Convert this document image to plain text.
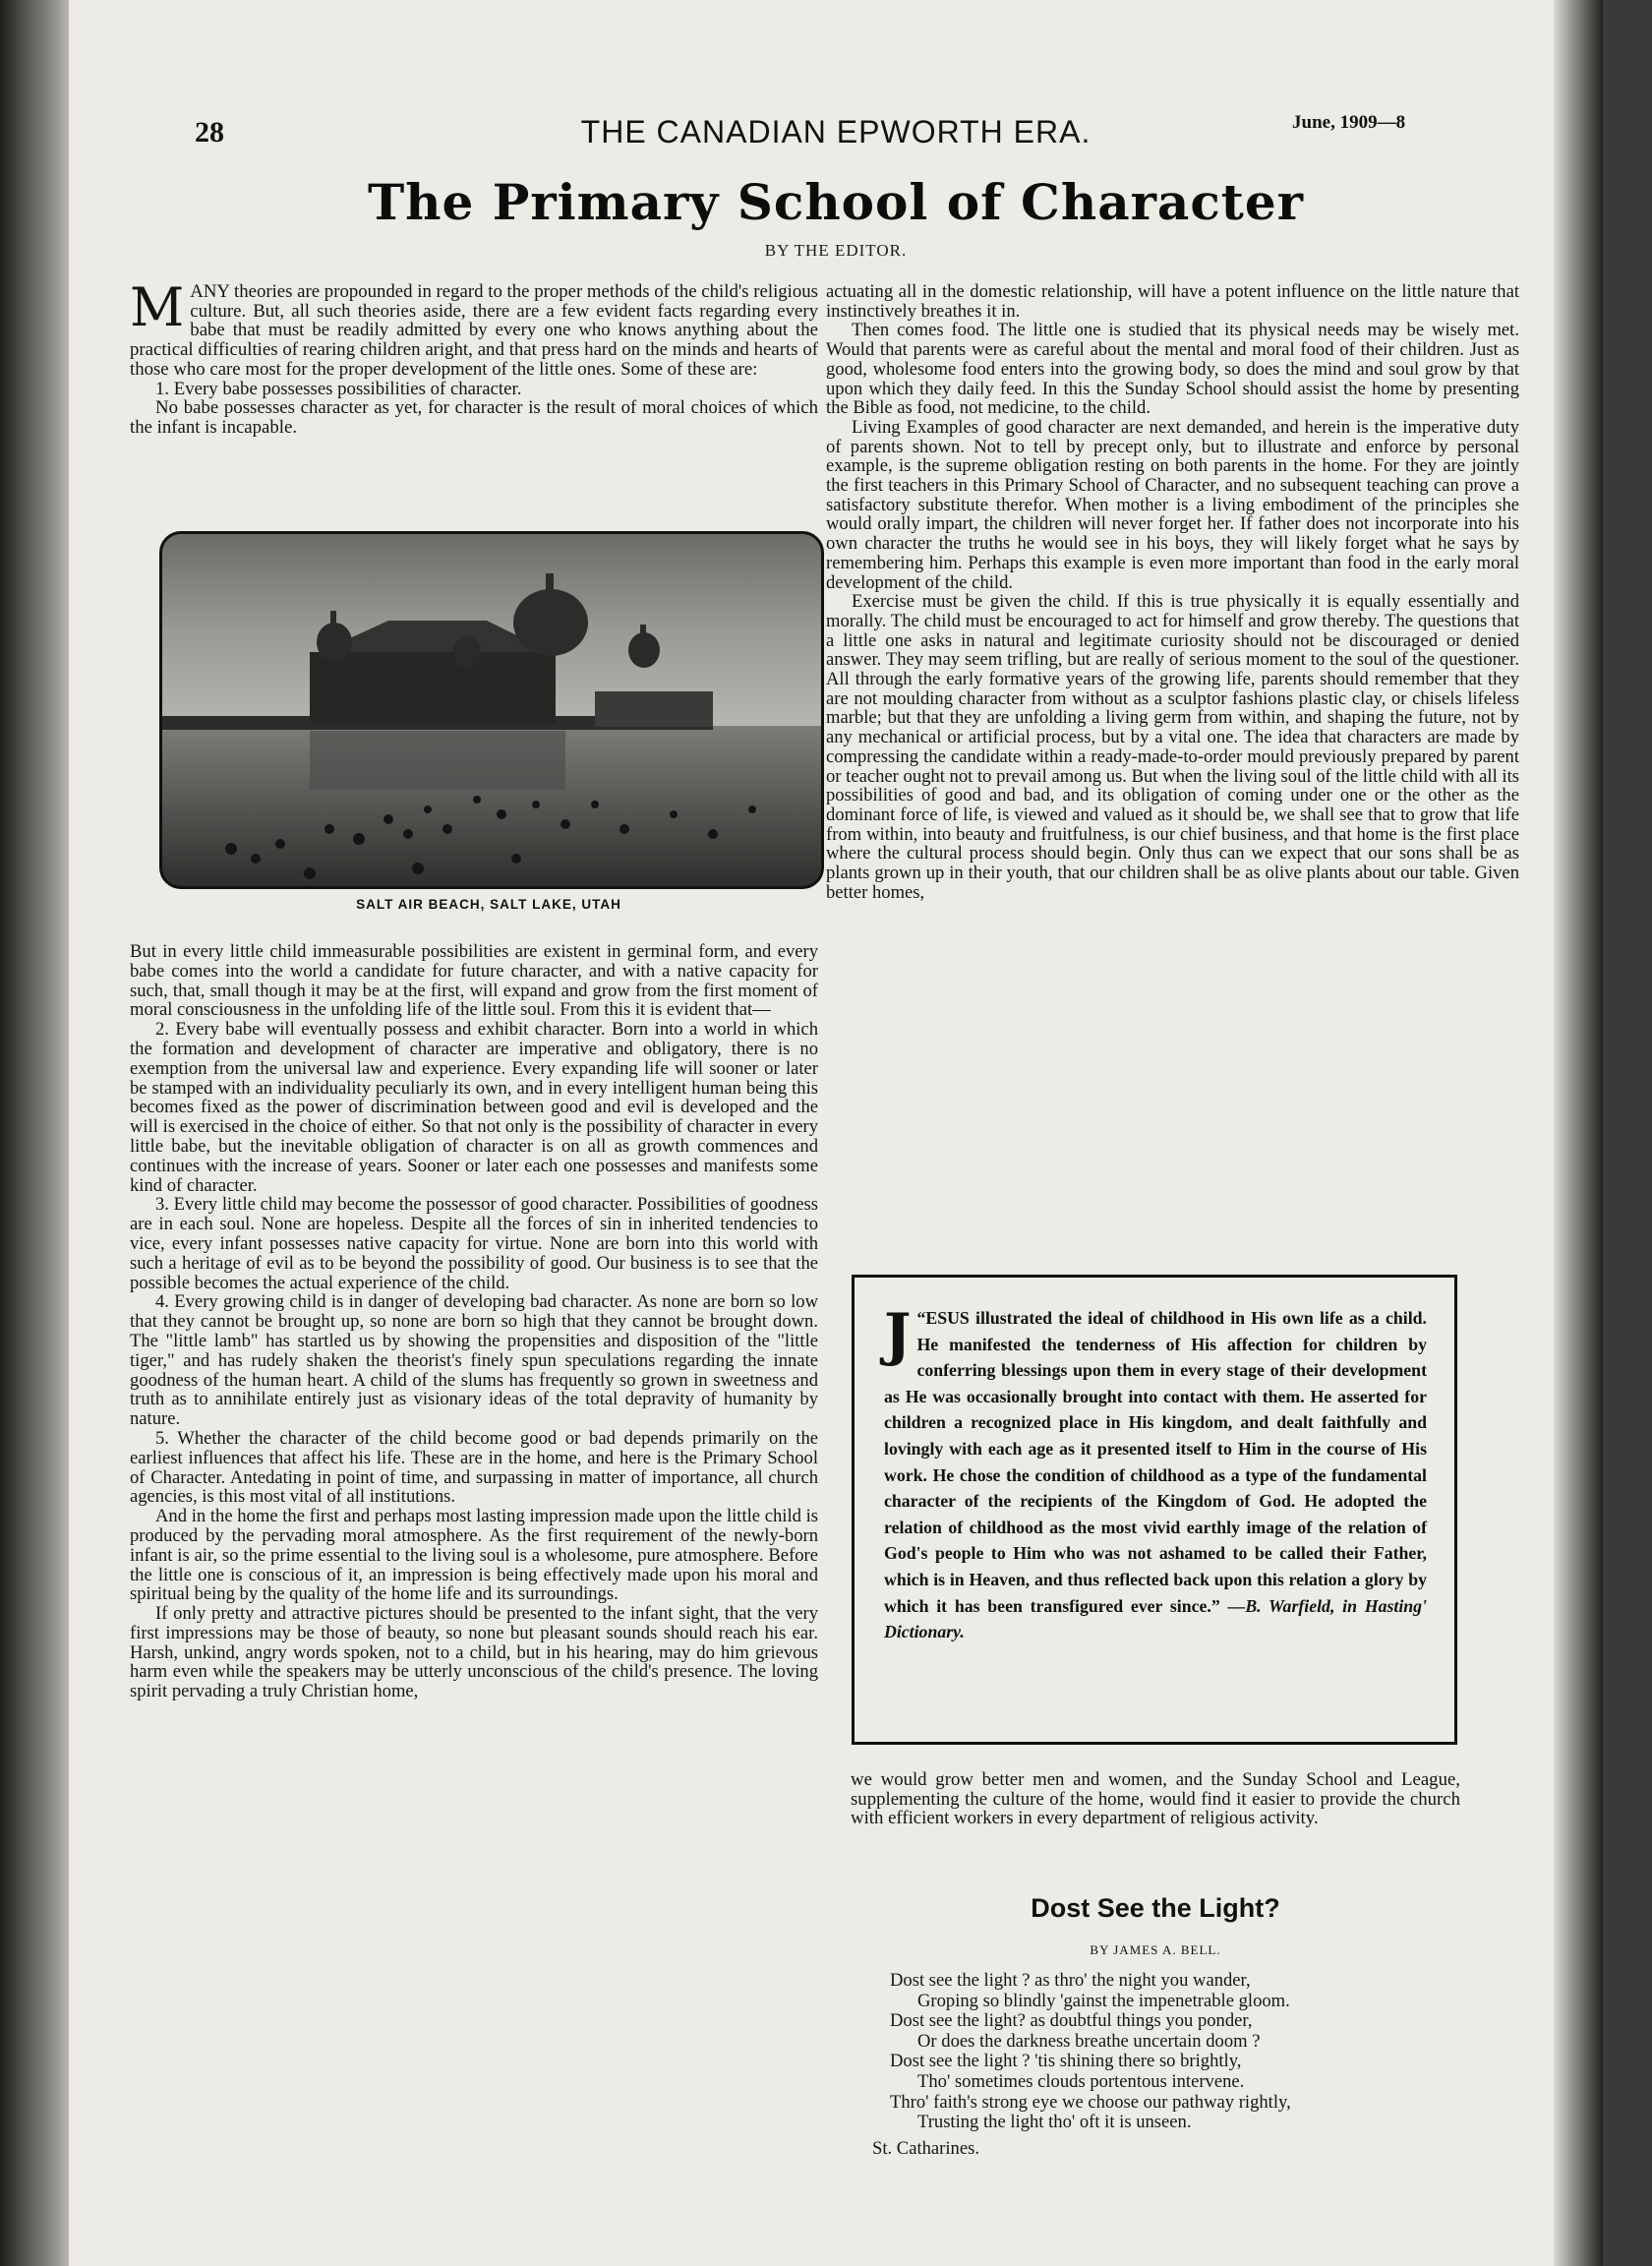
28	THE CANADIAN EPWORTH ERA.	June, 1909—8
The Primary School of Character
BY THE EDITOR.

MANY theories are propounded in regard to the proper methods of the child's religious culture. But, all such theories aside, there are a few evident facts regarding every babe that must be readily admitted by every one who knows anything about the practical difficulties of rearing children aright, and that press hard on the minds and hearts of those who care most for the proper development of the little ones. Some of these are:

1. Every babe possesses possibilities of character.

No babe possesses character as yet, for character is the result of moral choices of which the infant is incapable.

SALT AIR BEACH, SALT LAKE, UTAH

But in every little child immeasurable possibilities are existent in germinal form, and every babe comes into the world a candidate for future character, and with a native capacity for such, that, small though it may be at the first, will expand and grow from the first moment of moral consciousness in the unfolding life of the little soul. From this it is evident that—

2. Every babe will eventually possess and exhibit character. Born into a world in which the formation and development of character are imperative and obligatory, there is no exemption from the universal law and experience. Every expanding life will sooner or later be stamped with an individuality peculiarly its own, and in every intelligent human being this becomes fixed as the power of discrimination between good and evil is developed and the will is exercised in the choice of either. So that not only is the possibility of character in every little babe, but the inevitable obligation of character is on all as growth commences and continues with the increase of years. Sooner or later each one possesses and manifests some kind of character.

3. Every little child may become the possessor of good character. Possibilities of goodness are in each soul. None are hopeless. Despite all the forces of sin in inherited tendencies to vice, every infant possesses native capacity for virtue. None are born into this world with such a heritage of evil as to be beyond the possibility of good. Our business is to see that the possible becomes the actual experience of the child.

4. Every growing child is in danger of developing bad character. As none are born so low that they cannot be brought up, so none are born so high that they cannot be brought down. The "little lamb" has startled us by showing the propensities and disposition of the "little tiger," and has rudely shaken the theorist's finely spun speculations regarding the innate goodness of the human heart. A child of the slums has frequently so grown in sweetness and truth as to annihilate entirely just as visionary ideas of the total depravity of humanity by nature.

5. Whether the character of the child become good or bad depends primarily on the earliest influences that affect his life. These are in the home, and here is the Primary School of Character. Antedating in point of time, and surpassing in matter of importance, all church agencies, is this most vital of all institutions.

And in the home the first and perhaps most lasting impression made upon the little child is produced by the pervading moral atmosphere. As the first requirement of the newly-born infant is air, so the prime essential to the living soul is a wholesome, pure atmosphere. Before the little one is conscious of it, an impression is being effectively made upon his moral and spiritual being by the quality of the home life and its surroundings.

If only pretty and attractive pictures should be presented to the infant sight, that the very first impressions may be those of beauty, so none but pleasant sounds should reach his ear. Harsh, unkind, angry words spoken, not to a child, but in his hearing, may do him grievous harm even while the speakers may be utterly unconscious of the child's presence. The loving spirit pervading a truly Christian home,

actuating all in the domestic relationship, will have a potent influence on the little nature that instinctively breathes it in.

Then comes food. The little one is studied that its physical needs may be wisely met. Would that parents were as careful about the mental and moral food of their children. Just as good, wholesome food enters into the growing body, so does the mind and soul grow by that upon which they daily feed. In this the Sunday School should assist the home by presenting the Bible as food, not medicine, to the child.

Living Examples of good character are next demanded, and herein is the imperative duty of parents shown. Not to tell by precept only, but to illustrate and enforce by personal example, is the supreme obligation resting on both parents in the home. For they are jointly the first teachers in this Primary School of Character, and no subsequent teaching can prove a satisfactory substitute therefor. When mother is a living embodiment of the principles she would orally impart, the children will never forget her. If father does not incorporate into his own character the truths he would see in his boys, they will likely forget what he says by remembering him. Perhaps this example is even more important than food in the early moral development of the child.

Exercise must be given the child. If this is true physically it is equally essentially and morally. The child must be encouraged to act for himself and grow thereby. The questions that a little one asks in natural and legitimate curiosity should not be discouraged or denied answer. They may seem trifling, but are really of serious moment to the soul of the questioner. All through the early formative years of the growing life, parents should remember that they are not moulding character from without as a sculptor fashions plastic clay, or chisels lifeless marble; but that they are unfolding a living germ from within, and shaping the future, not by any mechanical or artificial process, but by a vital one. The idea that characters are made by compressing the candidate within a ready-made-to-order mould previously prepared by parent or teacher ought not to prevail among us. But when the living soul of the little child with all its possibilities of good and bad, and its obligation of coming under one or the other as the dominant force of life, is viewed and valued as it should be, we shall see that to grow that life from within, into beauty and fruitfulness, is our chief business, and that home is the first place where the cultural process should begin. Only thus can we expect that our sons shall be as plants grown up in their youth, that our children shall be as olive plants about our table. Given better homes,

“
J ESUS illustrated the ideal of childhood in His own life as a child. He manifested the tenderness of His affection for children by conferring blessings upon them in every stage of their development as He was occasionally brought into contact with them. He asserted for children a recognized place in His kingdom, and dealt faithfully and lovingly with each age as it presented itself to Him in the course of His work. He chose the condition of childhood as a type of the fundamental character of the recipients of the Kingdom of God. He adopted the relation of childhood as the most vivid earthly image of the relation of God's people to Him who was not ashamed to be called their Father, which is in Heaven, and thus reflected back upon this relation a glory by which it has been transfigured ever since.” —B. Warfield, in Hasting' Dictionary.

we would grow better men and women, and the Sunday School and League, supplementing the culture of the home, would find it easier to provide the church with efficient workers in every department of religious activity.

Dost See the Light?
BY JAMES A. BELL.
Dost see the light ? as thro' the night you wander,
Groping so blindly 'gainst the impenetrable gloom.
Dost see the light? as doubtful things you ponder,
Or does the darkness breathe uncertain doom ?
Dost see the light ? 'tis shining there so brightly,
Tho' sometimes clouds portentous intervene.
Thro' faith's strong eye we choose our pathway rightly,
Trusting the light tho' oft it is unseen.
St. Catharines.
